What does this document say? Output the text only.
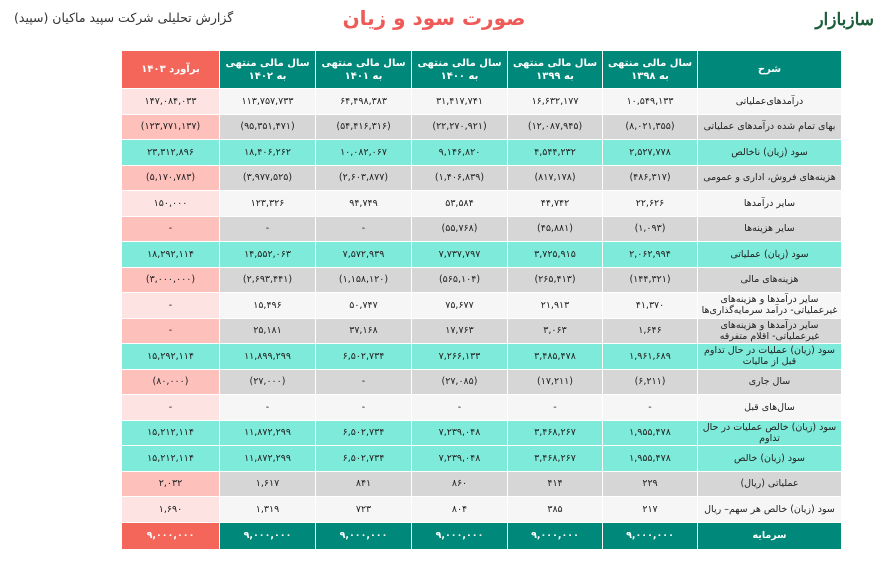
گزارش تحلیلی شرکت سپید ماکیان (سپید)	صورت سود و زیان	سازبازار
شرح	سال مالی منتهی به ۱۳۹۸	سال مالی منتهی به ۱۳۹۹	سال مالی منتهی به ۱۴۰۰	سال مالی منتهی به ۱۴۰۱	سال مالی منتهی به ۱۴۰۲	برآورد ۱۴۰۳
درآمدهای‌عملیاتی	۱۰,۵۴۹,۱۳۳	۱۶,۶۳۲,۱۷۷	۳۱,۴۱۷,۷۴۱	۶۴,۴۹۸,۳۸۳	۱۱۳,۷۵۷,۷۳۳	۱۴۷,۰۸۴,۰۳۳
بهای تمام شده درآمدهای عملیاتی	(۸,۰۲۱,۳۵۵)	(۱۲,۰۸۷,۹۴۵)	(۲۲,۲۷۰,۹۲۱)	(۵۴,۴۱۶,۳۱۶)	(۹۵,۳۵۱,۴۷۱)	(۱۲۳,۷۷۱,۱۳۷)
سود (زیان) ناخالص	۲,۵۲۷,۷۷۸	۴,۵۴۴,۲۳۲	۹,۱۴۶,۸۲۰	۱۰,۰۸۲,۰۶۷	۱۸,۴۰۶,۲۶۲	۲۳,۳۱۲,۸۹۶
هزینه‌های فروش، اداری و عمومی	(۴۸۶,۳۱۷)	(۸۱۷,۱۷۸)	(۱,۴۰۶,۸۳۹)	(۲,۶۰۳,۸۷۷)	(۳,۹۷۷,۵۲۵)	(۵,۱۷۰,۷۸۳)
سایر درآمدها	۲۲,۶۲۶	۴۴,۷۴۲	۵۳,۵۸۴	۹۴,۷۴۹	۱۲۳,۳۲۶	۱۵۰,۰۰۰
سایر هزینه‌ها	(۱,۰۹۳)	(۴۵,۸۸۱)	(۵۵,۷۶۸)	-	-	-
سود (زیان) عملیاتی	۲,۰۶۲,۹۹۴	۳,۷۲۵,۹۱۵	۷,۷۳۷,۷۹۷	۷,۵۷۲,۹۳۹	۱۴,۵۵۲,۰۶۳	۱۸,۲۹۲,۱۱۴
هزینه‌های مالی	(۱۴۴,۳۲۱)	(۲۶۵,۴۱۳)	(۵۶۵,۱۰۴)	(۱,۱۵۸,۱۲۰)	(۲,۶۹۳,۴۴۱)	(۳,۰۰۰,۰۰۰)
سایر درآمدها و هزینه‌های غیرعملیاتی- درآمد سرمایه‌گذاری‌ها	۴۱,۳۷۰	۲۱,۹۱۳	۷۵,۶۷۷	۵۰,۷۴۷	۱۵,۴۹۶	-
سایر درآمدها و هزینه‌های غیرعملیاتی- اقلام متفرقه	۱,۶۴۶	۳,۰۶۳	۱۷,۷۶۳	۳۷,۱۶۸	۲۵,۱۸۱	-
سود (زیان) عملیات در حال تداوم قبل از مالیات	۱,۹۶۱,۶۸۹	۳,۴۸۵,۴۷۸	۷,۲۶۶,۱۳۳	۶,۵۰۲,۷۳۴	۱۱,۸۹۹,۲۹۹	۱۵,۲۹۲,۱۱۴
سال جاری	(۶,۲۱۱)	(۱۷,۲۱۱)	(۲۷,۰۸۵)	-	(۲۷,۰۰۰)	(۸۰,۰۰۰)
سال‌های قبل	-	-	-	-	-	-
سود (زیان) خالص عملیات در حال تداوم	۱,۹۵۵,۴۷۸	۳,۴۶۸,۲۶۷	۷,۲۳۹,۰۴۸	۶,۵۰۲,۷۳۴	۱۱,۸۷۲,۲۹۹	۱۵,۲۱۲,۱۱۴
سود (زیان) خالص	۱,۹۵۵,۴۷۸	۳,۴۶۸,۲۶۷	۷,۲۳۹,۰۴۸	۶,۵۰۲,۷۳۴	۱۱,۸۷۲,۲۹۹	۱۵,۲۱۲,۱۱۴
عملیاتی (ریال)	۲۲۹	۴۱۴	۸۶۰	۸۴۱	۱,۶۱۷	۲,۰۳۲
سود (زیان) خالص هر سهم– ریال	۲۱۷	۳۸۵	۸۰۴	۷۲۳	۱,۳۱۹	۱,۶۹۰
سرمایه	۹,۰۰۰,۰۰۰	۹,۰۰۰,۰۰۰	۹,۰۰۰,۰۰۰	۹,۰۰۰,۰۰۰	۹,۰۰۰,۰۰۰	۹,۰۰۰,۰۰۰
